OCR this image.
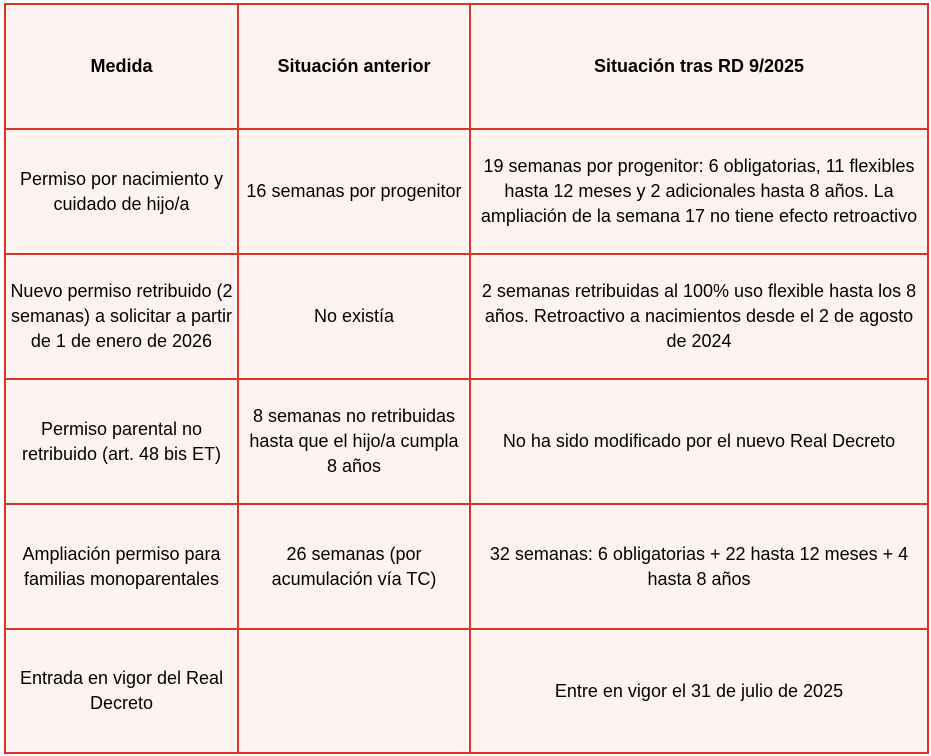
Medida	Situación anterior	Situación tras RD 9/2025
Permiso por nacimiento y cuidado de hijo/a	16 semanas por progenitor	19 semanas por progenitor: 6 obligatorias, 11 flexibles hasta 12 meses y 2 adicionales hasta 8 años. La ampliación de la semana 17 no tiene efecto retroactivo
Nuevo permiso retribuido (2 semanas) a solicitar a partir de 1 de enero de 2026	No existía	2 semanas retribuidas al 100% uso flexible hasta los 8 años. Retroactivo a nacimientos desde el 2 de agosto de 2024
Permiso parental no retribuido (art. 48 bis ET)	8 semanas no retribuidas hasta que el hijo/a cumpla 8 años	No ha sido modificado por el nuevo Real Decreto
Ampliación permiso para familias monoparentales	26 semanas (por acumulación vía TC)	32 semanas: 6 obligatorias + 22 hasta 12 meses + 4 hasta 8 años
Entrada en vigor del Real Decreto		Entre en vigor el 31 de julio de 2025
